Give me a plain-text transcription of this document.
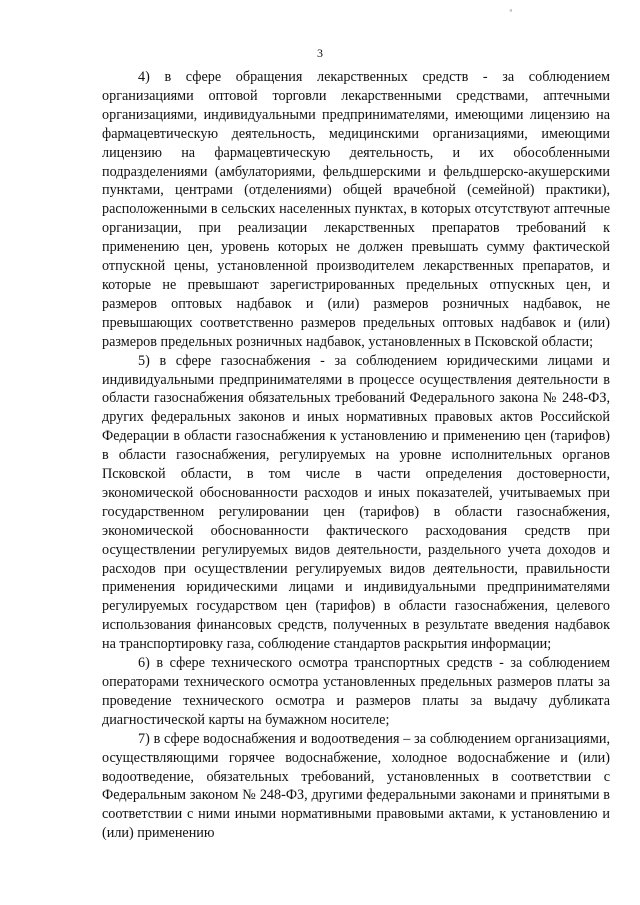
ᵃ
3

4) в сфере обращения лекарственных средств - за соблюдением организациями оптовой торговли лекарственными средствами, аптечными организациями, индивидуальными предпринимателями, имеющими лицензию на фармацевтическую деятельность, медицинскими организациями, имеющими лицензию на фармацевтическую деятельность, и их обособленными подразделениями (амбулаториями, фельдшерскими и фельдшерско-акушерскими пунктами, центрами (отделениями) общей врачебной (семейной) практики), расположенными в сельских населенных пунктах, в которых отсутствуют аптечные организации, при реализации лекарственных препаратов требований к применению цен, уровень которых не должен превышать сумму фактической отпускной цены, установленной производителем лекарственных препаратов, и которые не превышают зарегистрированных предельных отпускных цен, и размеров оптовых надбавок и (или) размеров розничных надбавок, не превышающих соответственно размеров предельных оптовых надбавок и (или) размеров предельных розничных надбавок, установленных в Псковской области;

5) в сфере газоснабжения - за соблюдением юридическими лицами и индивидуальными предпринимателями в процессе осуществления деятельности в области газоснабжения обязательных требований Федерального закона № 248-ФЗ, других федеральных законов и иных нормативных правовых актов Российской Федерации в области газоснабжения к установлению и применению цен (тарифов) в области газоснабжения, регулируемых на уровне исполнительных органов Псковской области, в том числе в части определения достоверности, экономической обоснованности расходов и иных показателей, учитываемых при государственном регулировании цен (тарифов) в области газоснабжения, экономической обоснованности фактического расходования средств при осуществлении регулируемых видов деятельности, раздельного учета доходов и расходов при осуществлении регулируемых видов деятельности, правильности применения юридическими лицами и индивидуальными предпринимателями регулируемых государством цен (тарифов) в области газоснабжения, целевого использования финансовых средств, полученных в результате введения надбавок на транспортировку газа, соблюдение стандартов раскрытия информации;

6) в сфере технического осмотра транспортных средств - за соблюдением операторами технического осмотра установленных предельных размеров платы за проведение технического осмотра и размеров платы за выдачу дубликата диагностической карты на бумажном носителе;

7) в сфере водоснабжения и водоотведения – за соблюдением организациями, осуществляющими горячее водоснабжение, холодное водоснабжение и (или) водоотведение, обязательных требований, установленных в соответствии с Федеральным законом № 248-ФЗ, другими федеральными законами и принятыми в соответствии с ними иными нормативными правовыми актами, к установлению и (или) применению
